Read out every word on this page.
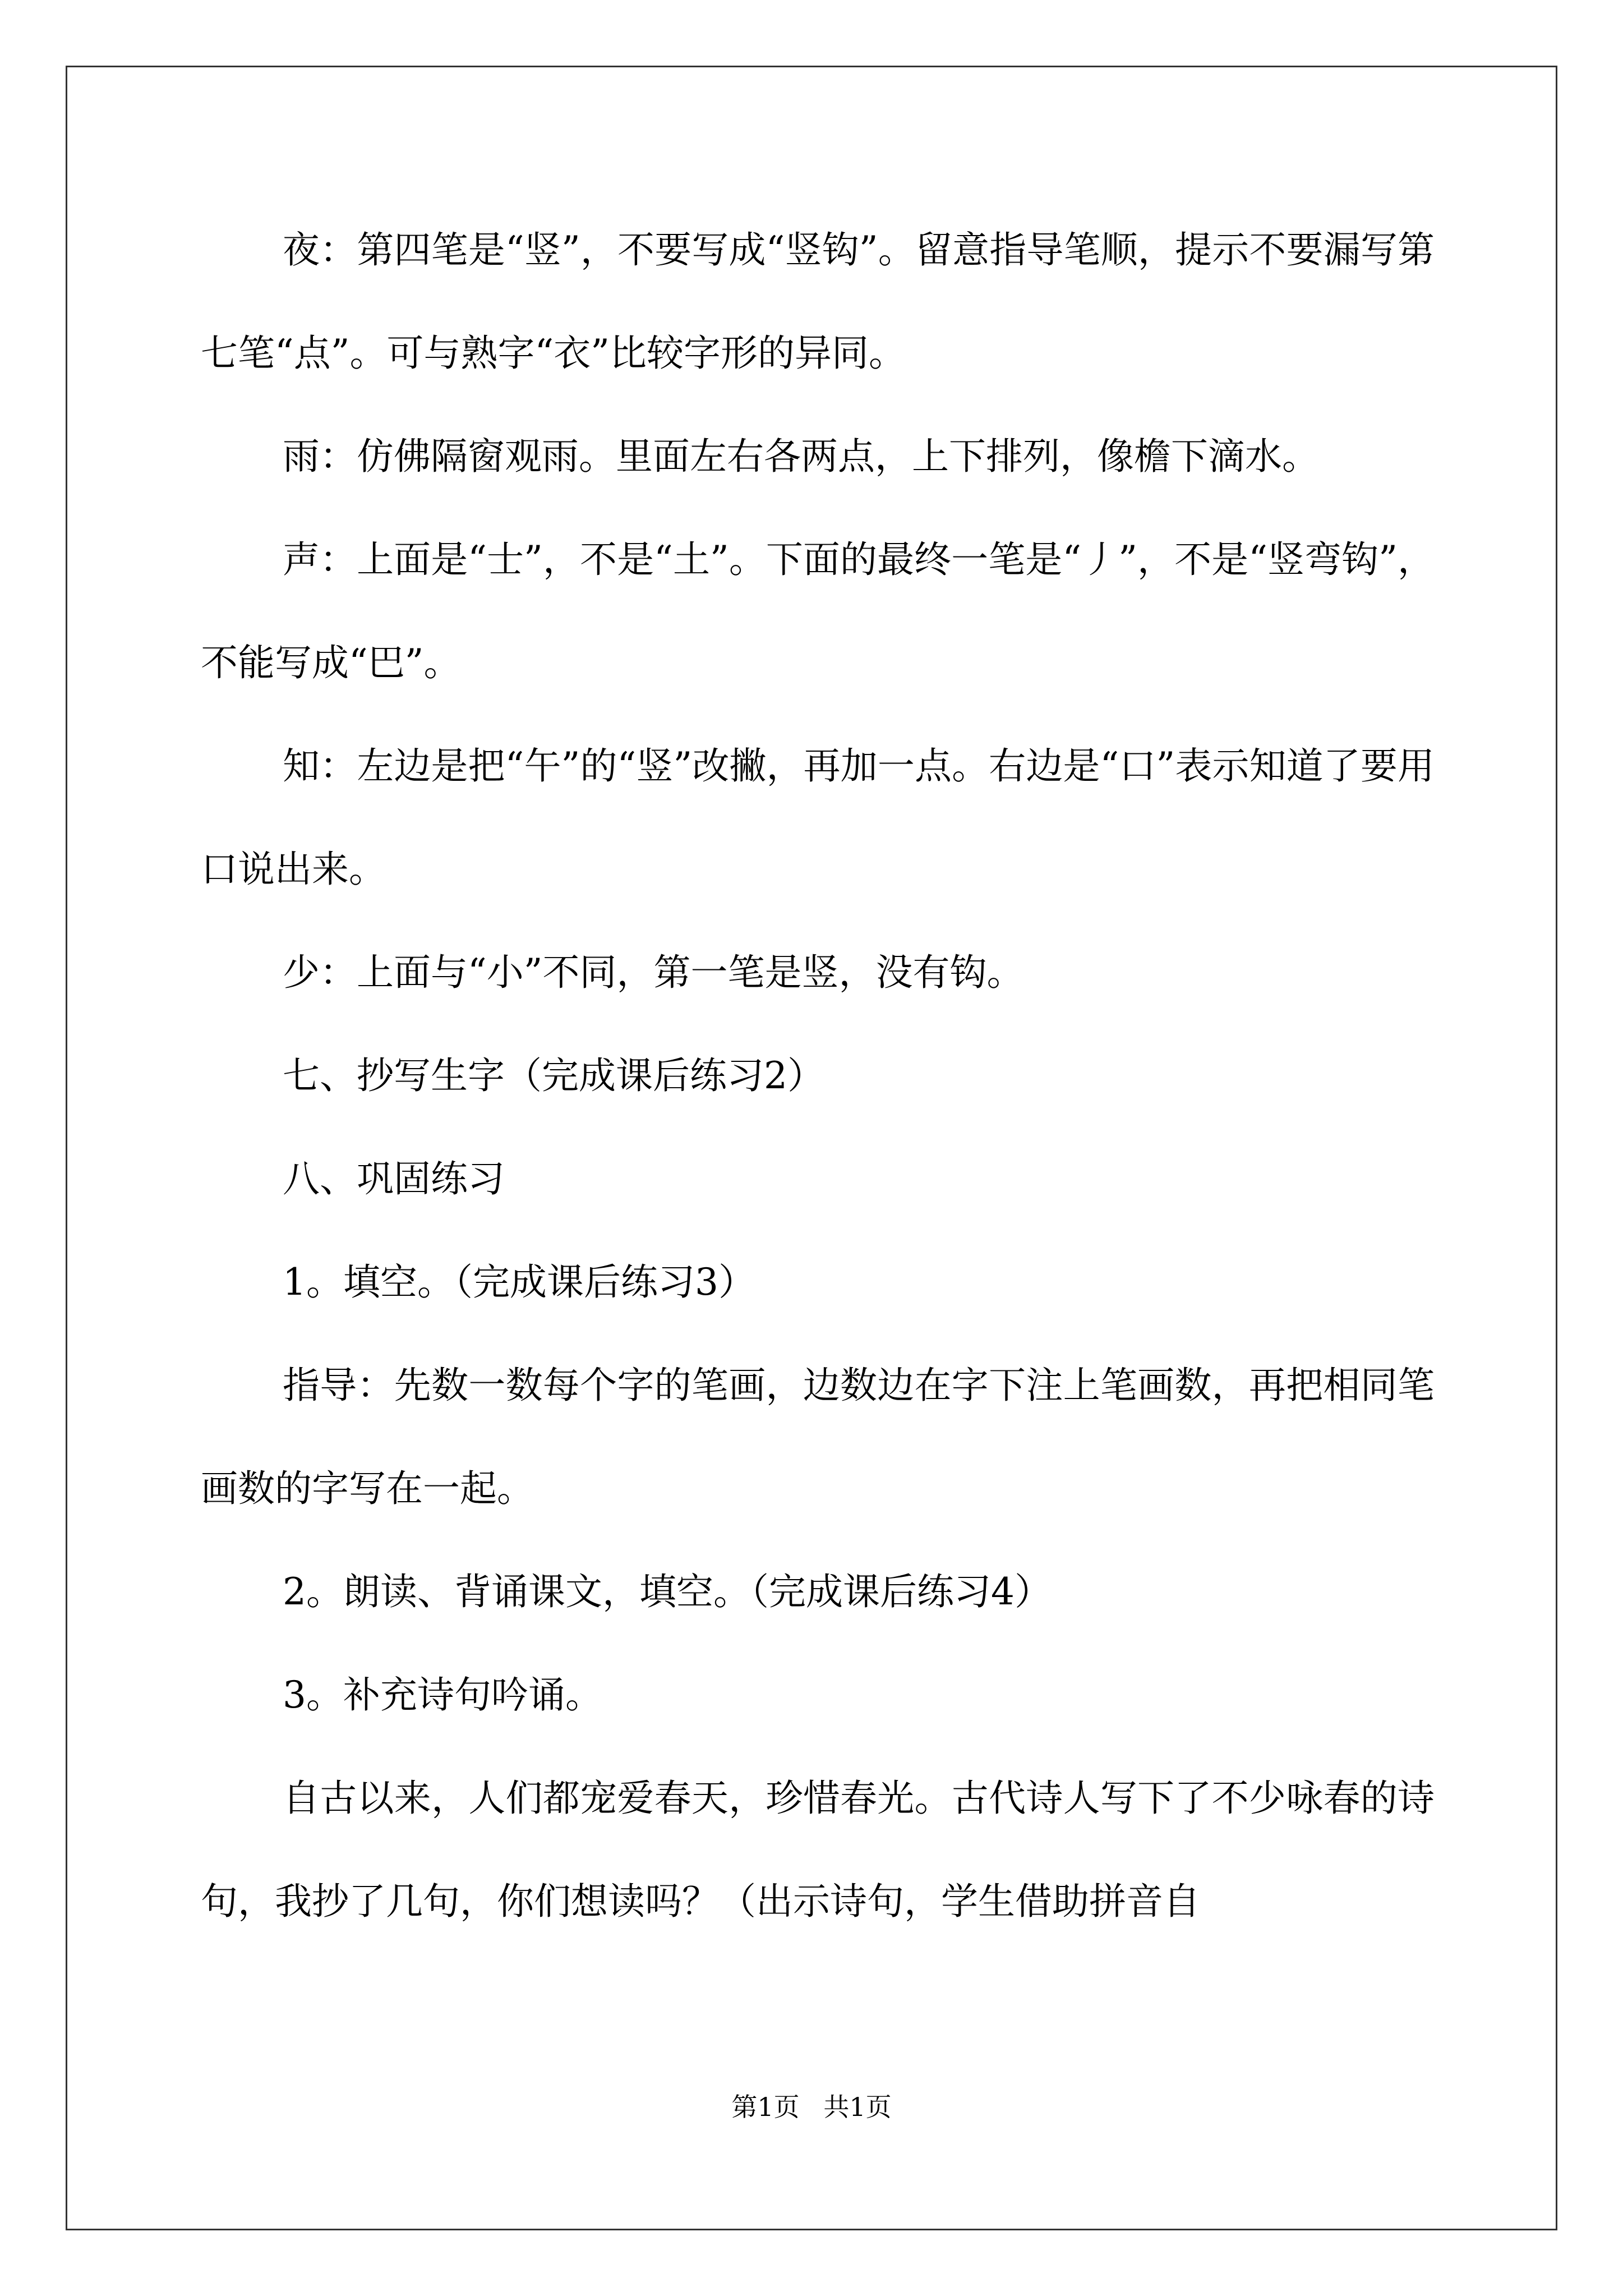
夜：第四笔是“竖”，不要写成“竖钩”。留意指导笔顺，提示不要漏写第七笔“点”。可与熟字“衣”比较字形的异同。

雨：仿佛隔窗观雨。里面左右各两点，上下排列，像檐下滴水。

声：上面是“士”，不是“土”。下面的最终一笔是“丿”，不是“竖弯钩”，不能写成“巴”。

知：左边是把“午”的“竖”改撇，再加一点。右边是“口”表示知道了要用口说出来。

少：上面与“小”不同，第一笔是竖，没有钩。

七、抄写生字（完成课后练习2）

八、巩固练习

1。填空。（完成课后练习3）

指导：先数一数每个字的笔画，边数边在字下注上笔画数，再把相同笔画数的字写在一起。

2。朗读、背诵课文，填空。（完成课后练习4）

3。补充诗句吟诵。

自古以来，人们都宠爱春天，珍惜春光。古代诗人写下了不少咏春的诗句，我抄了几句，你们想读吗？（出示诗句，学生借助拼音自

第1页 共1页
